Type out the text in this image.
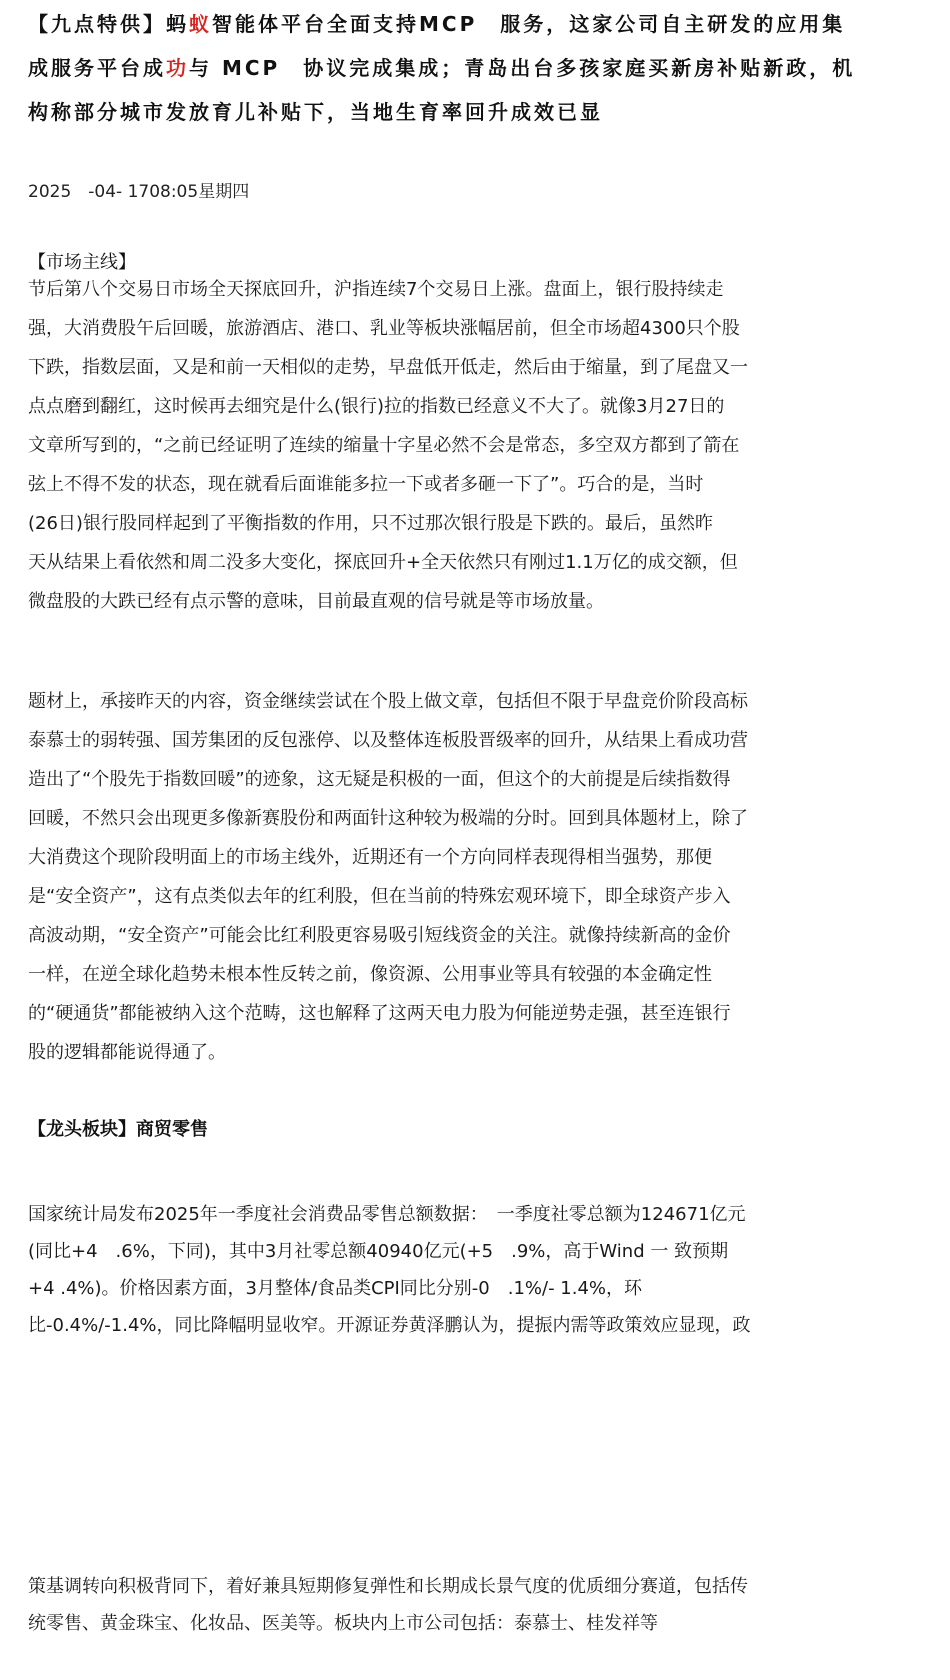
【九点特供】蚂蚁智能体平台全面支持MCP　服务，这家公司自主研发的应用集
成服务平台成功与 MCP　协议完成集成；青岛出台多孩家庭买新房补贴新政，机
构称部分城市发放育儿补贴下，当地生育率回升成效已显
2025　-04- 1708:05星期四
【市场主线】
节后第八个交易日市场全天探底回升，沪指连续7个交易日上涨。盘面上，银行股持续走
强，大消费股午后回暖，旅游酒店、港口、乳业等板块涨幅居前，但全市场超4300只个股
下跌，指数层面，又是和前一天相似的走势，早盘低开低走，然后由于缩量，到了尾盘又一
点点磨到翻红，这时候再去细究是什么(银行)拉的指数已经意义不大了。就像3月27日的
文章所写到的，“之前已经证明了连续的缩量十字星必然不会是常态，多空双方都到了箭在
弦上不得不发的状态，现在就看后面谁能多拉一下或者多砸一下了”。巧合的是，当时
(26日)银行股同样起到了平衡指数的作用，只不过那次银行股是下跌的。最后，虽然昨
天从结果上看依然和周二没多大变化，探底回升+全天依然只有刚过1.1万亿的成交额，但
微盘股的大跌已经有点示警的意味，目前最直观的信号就是等市场放量。
题材上，承接昨天的内容，资金继续尝试在个股上做文章，包括但不限于早盘竞价阶段高标
泰慕士的弱转强、国芳集团的反包涨停、以及整体连板股晋级率的回升，从结果上看成功营
造出了“个股先于指数回暖”的迹象，这无疑是积极的一面，但这个的大前提是后续指数得
回暖，不然只会出现更多像新赛股份和两面针这种较为极端的分时。回到具体题材上，除了
大消费这个现阶段明面上的市场主线外，近期还有一个方向同样表现得相当强势，那便
是“安全资产”，这有点类似去年的红利股，但在当前的特殊宏观环境下，即全球资产步入
高波动期，“安全资产”可能会比红利股更容易吸引短线资金的关注。就像持续新高的金价
一样，在逆全球化趋势未根本性反转之前，像资源、公用事业等具有较强的本金确定性
的“硬通货”都能被纳入这个范畴，这也解释了这两天电力股为何能逆势走强，甚至连银行
股的逻辑都能说得通了。
【龙头板块】商贸零售
国家统计局发布2025年一季度社会消费品零售总额数据：　一季度社零总额为124671亿元
(同比+4　.6%，下同)，其中3月社零总额40940亿元(+5　.9%，高于Wind 一 致预期
+4 .4%)。价格因素方面，3月整体/食品类CPI同比分别-0　.1%/- 1.4%，环
比-0.4%/-1.4%，同比降幅明显收窄。开源证券黄泽鹏认为，提振内需等政策效应显现，政
策基调转向积极背同下，着好兼具短期修复弹性和长期成长景气度的优质细分赛道，包括传
统零售、黄金珠宝、化妆品、医美等。板块内上市公司包括：泰慕士、桂发祥等
